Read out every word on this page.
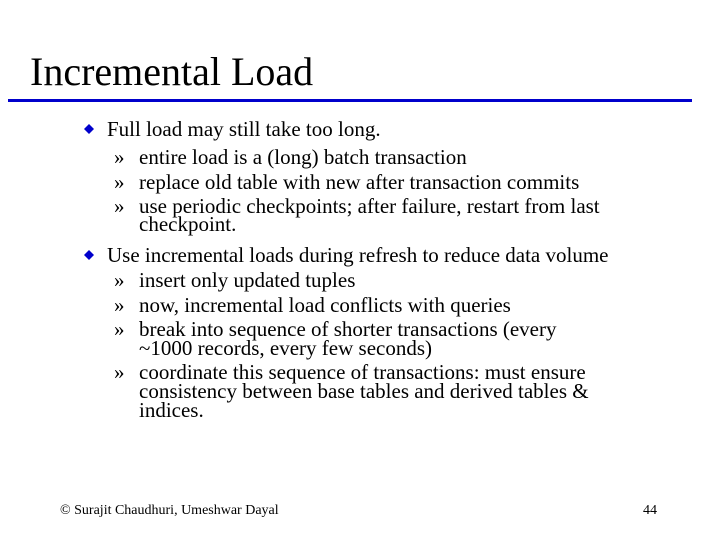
Incremental Load
Full load may still take too long.
» entire load is a (long) batch transaction
» replace old table with new after transaction commits
» use periodic checkpoints; after failure, restart from last
checkpoint.
Use incremental loads during refresh to reduce data volume
» insert only updated tuples
» now, incremental load conflicts with queries
» break into sequence of shorter transactions (every
~1000 records, every few seconds)
» coordinate this sequence of transactions: must ensure
consistency between base tables and derived tables &
indices.
© Surajit Chaudhuri, Umeshwar Dayal	44
